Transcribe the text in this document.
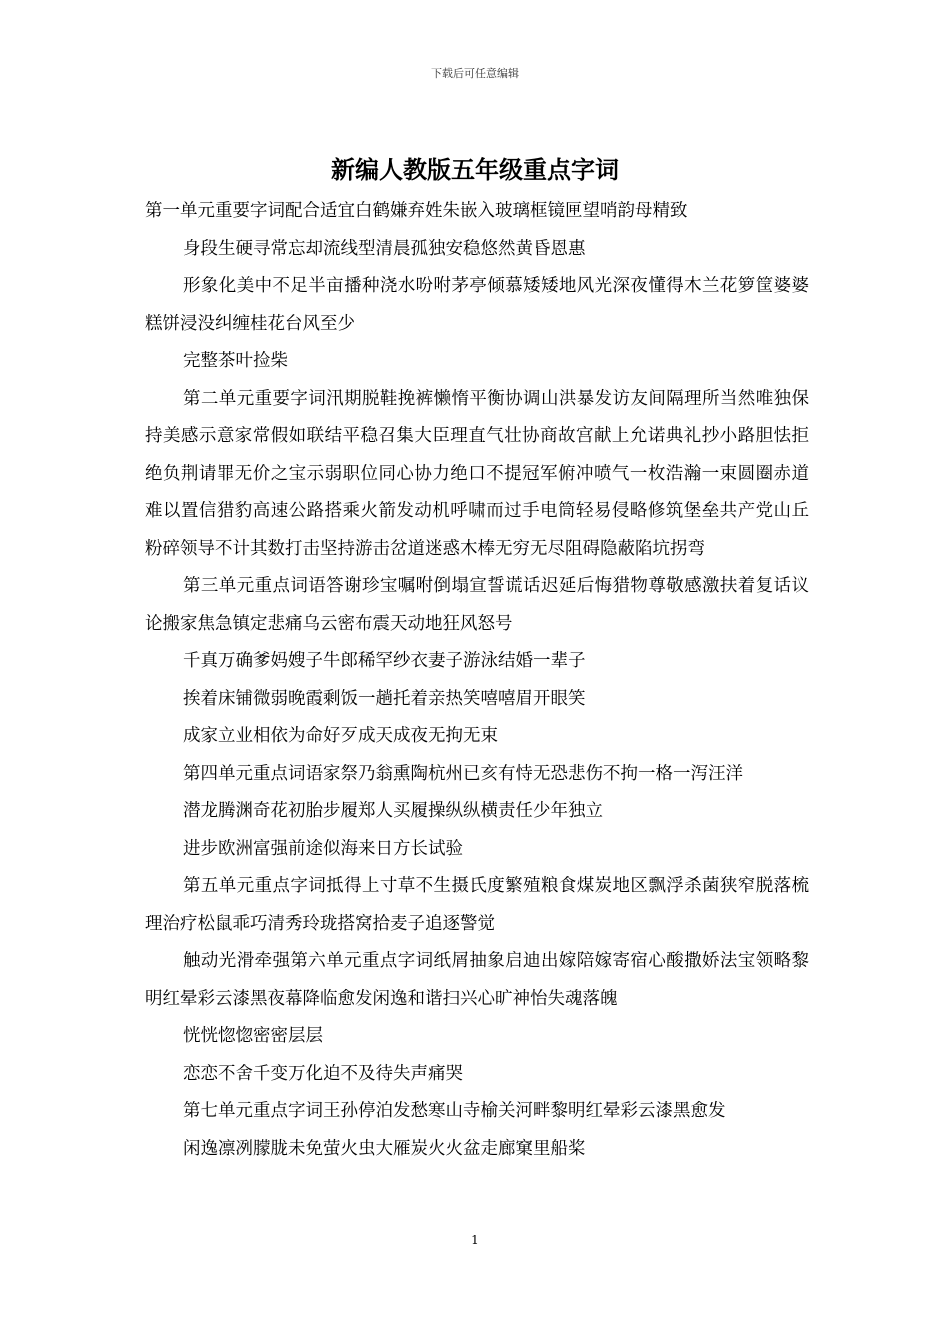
下载后可任意编辑
新编人教版五年级重点字词

第一单元重要字词配合适宜白鹤嫌弃姓朱嵌入玻璃框镜匣望哨韵母精致

身段生硬寻常忘却流线型清晨孤独安稳悠然黄昏恩惠

形象化美中不足半亩播种浇水吩咐茅亭倾慕矮矮地风光深夜懂得木兰花箩筐婆婆糕饼浸没纠缠桂花台风至少

完整茶叶捡柴

第二单元重要字词汛期脱鞋挽裤懒惰平衡协调山洪暴发访友间隔理所当然唯独保持美感示意家常假如联结平稳召集大臣理直气壮协商故宫献上允诺典礼抄小路胆怯拒绝负荆请罪无价之宝示弱职位同心协力绝口不提冠军俯冲喷气一枚浩瀚一束圆圈赤道难以置信猎豹高速公路搭乘火箭发动机呼啸而过手电筒轻易侵略修筑堡垒共产党山丘粉碎领导不计其数打击坚持游击岔道迷惑木棒无穷无尽阻碍隐蔽陷坑拐弯

第三单元重点词语答谢珍宝嘱咐倒塌宣誓谎话迟延后悔猎物尊敬感激扶着复话议论搬家焦急镇定悲痛乌云密布震天动地狂风怒号

千真万确爹妈嫂子牛郎稀罕纱衣妻子游泳结婚一辈子

挨着床铺微弱晚霞剩饭一趟托着亲热笑嘻嘻眉开眼笑

成家立业相依为命好歹成天成夜无拘无束

第四单元重点词语家祭乃翁熏陶杭州已亥有恃无恐悲伤不拘一格一泻汪洋

潜龙腾渊奇花初胎步履郑人买履操纵纵横责任少年独立

进步欧洲富强前途似海来日方长试验

第五单元重点字词抵得上寸草不生摄氏度繁殖粮食煤炭地区飘浮杀菌狭窄脱落梳理治疗松鼠乖巧清秀玲珑搭窝拾麦子追逐警觉

触动光滑牵强第六单元重点字词纸屑抽象启迪出嫁陪嫁寄宿心酸撒娇法宝领略黎明红晕彩云漆黑夜幕降临愈发闲逸和谐扫兴心旷神怡失魂落魄

恍恍惚惚密密层层

恋恋不舍千变万化迫不及待失声痛哭

第七单元重点字词王孙停泊发愁寒山寺榆关河畔黎明红晕彩云漆黑愈发

闲逸凛冽朦胧未免萤火虫大雁炭火火盆走廊窠里船桨

1
